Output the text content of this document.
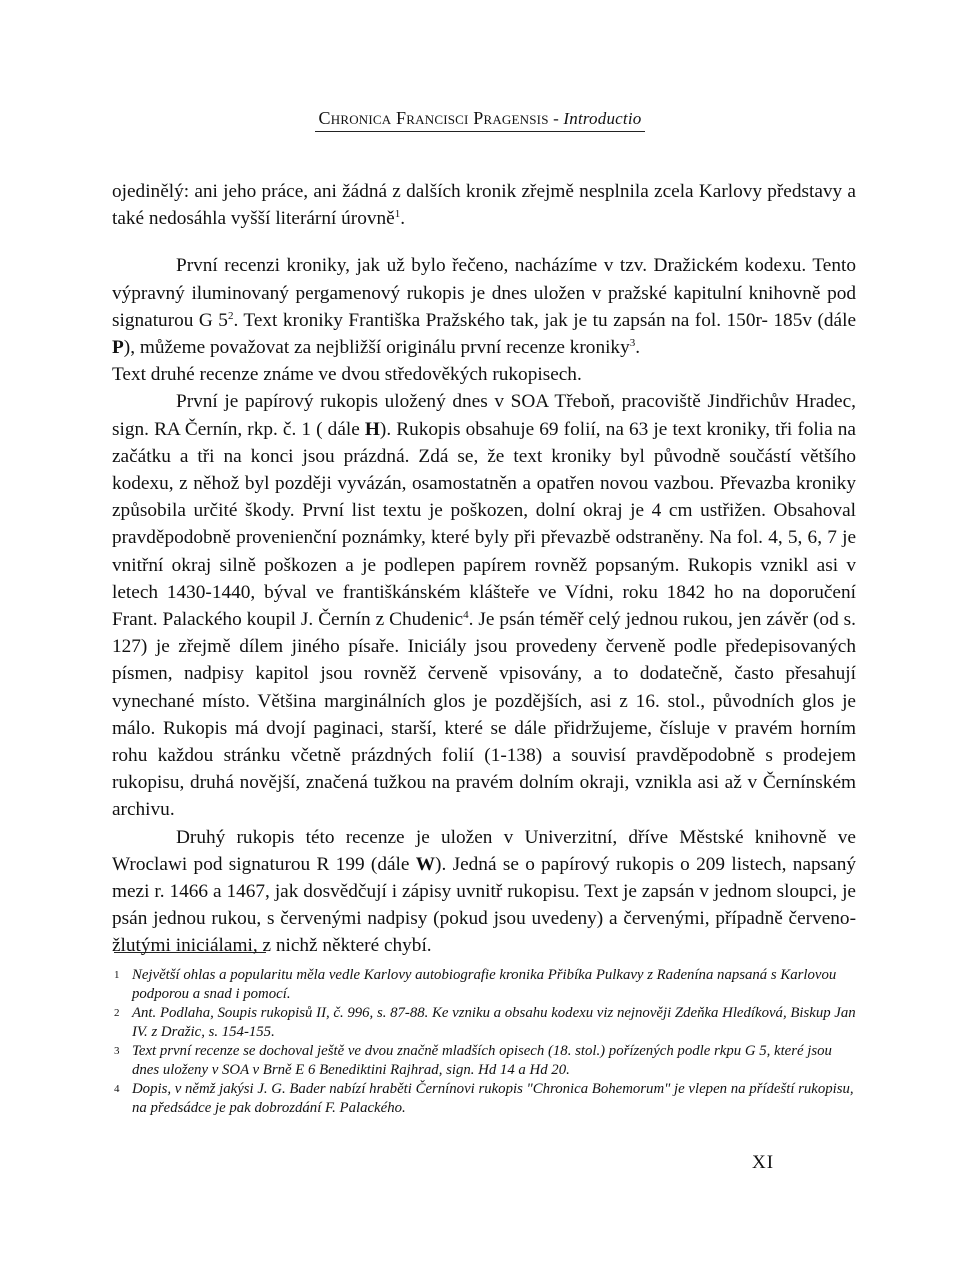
Chronica Francisci Pragensis - Introductio

ojedinělý: ani jeho práce, ani žádná z dalších kronik zřejmě nesplnila zcela Karlovy představy a také nedosáhla vyšší literární úrovně$^1$.

První recenzi kroniky, jak už bylo řečeno, nacházíme v tzv. Dražickém kodexu. Tento výpravný iluminovaný pergamenový rukopis je dnes uložen v pražské kapitulní knihovně pod signaturou G $5^2$. Text kroniky Františka Pražského tak, jak je tu zapsán na fol. 150r- 185v (dále P), můžeme považovat za nejbližší originálu první recenze kroniky$^3$.

Text druhé recenze známe ve dvou středověkých rukopisech.

První je papírový rukopis uložený dnes v SOA Třeboň, pracoviště Jindřichův Hradec, sign. RA Černín, rkp. č. 1 ( dále H). Rukopis obsahuje 69 folií, na 63 je text kroniky, tři folia na začátku a tři na konci jsou prázdná. Zdá se, že text kroniky byl původně součástí většího kodexu, z něhož byl později vyvázán, osamostatněn a opatřen novou vazbou. Převazba kroniky způsobila určité škody. První list textu je poškozen, dolní okraj je 4 cm ustřižen. Obsahoval pravděpodobně provenienční poznámky, které byly při převazbě odstraněny. Na fol. 4, 5, 6, 7 je vnitřní okraj silně poškozen a je podlepen papírem rovněž popsaným. Rukopis vznikl asi v letech 1430-1440, býval ve františkánském klášteře ve Vídni, roku 1842 ho na doporučení Frant. Palackého koupil J. Černín z Chudenic$^4$. Je psán téměř celý jednou rukou, jen závěr (od s. 127) je zřejmě dílem jiného písaře. Iniciály jsou provedeny červeně podle předepisovaných písmen, nadpisy kapitol jsou rovněž červeně vpisovány, a to dodatečně, často přesahují vynechané místo. Většina marginálních glos je pozdějších, asi z 16. stol., původních glos je málo. Rukopis má dvojí paginaci, starší, které se dále přidržujeme, čísluje v pravém horním rohu každou stránku včetně prázdných folií (1-138) a souvisí pravděpodobně s prodejem rukopisu, druhá novější, značená tužkou na pravém dolním okraji, vznikla asi až v Černínském archivu.

Druhý rukopis této recenze je uložen v Univerzitní, dříve Městské knihovně ve Wroclawi pod signaturou R 199 (dále W). Jedná se o papírový rukopis o 209 listech, napsaný mezi r. 1466 a 1467, jak dosvědčují i zápisy uvnitř rukopisu. Text je zapsán v jednom sloupci, je psán jednou rukou, s červenými nadpisy (pokud jsou uvedeny) a červenými, případně červeno-žlutými iniciálami, z nichž některé chybí.

1 Největší ohlas a popularitu měla vedle Karlovy autobiografie kronika Přibíka Pulkavy z Radenína napsaná s Karlovou podporou a snad i pomocí.
2 Ant. Podlaha, Soupis rukopisů II, č. 996, s. 87-88. Ke vzniku a obsahu kodexu viz nejnověji Zdeňka Hledíková, Biskup Jan IV. z Dražic, s. 154-155.
3 Text první recenze se dochoval ještě ve dvou značně mladších opisech (18. stol.) pořízených podle rkpu G 5, které jsou dnes uloženy v SOA v Brně E 6 Benediktini Rajhrad, sign. Hd 14 a Hd 20.
4 Dopis, v němž jakýsi J. G. Bader nabízí hraběti Černínovi rukopis "Chronica Bohemorum" je vlepen na přídeští rukopisu, na předsádce je pak dobrozdání F. Palackého.
XI
